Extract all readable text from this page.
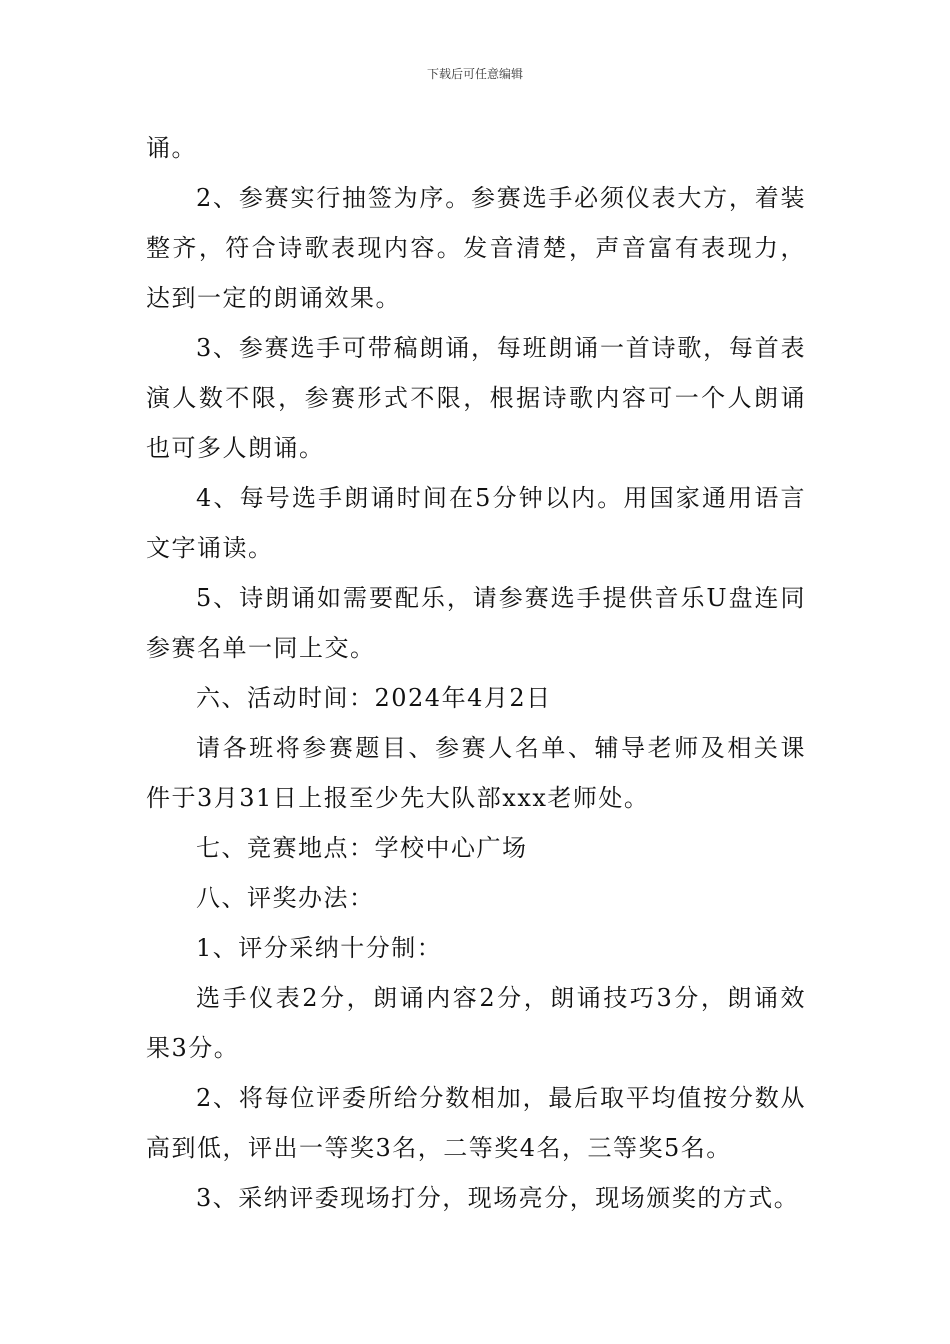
下载后可任意编辑

诵。

2、参赛实行抽签为序。参赛选手必须仪表大方，着装整齐，符合诗歌表现内容。发音清楚，声音富有表现力，达到一定的朗诵效果。

3、参赛选手可带稿朗诵，每班朗诵一首诗歌，每首表演人数不限，参赛形式不限，根据诗歌内容可一个人朗诵也可多人朗诵。

4、每号选手朗诵时间在5分钟以内。用国家通用语言文字诵读。

5、诗朗诵如需要配乐，请参赛选手提供音乐U盘连同参赛名单一同上交。

六、活动时间：2024年4月2日

请各班将参赛题目、参赛人名单、辅导老师及相关课件于3月31日上报至少先大队部xxx老师处。

七、竞赛地点：学校中心广场

八、评奖办法：

1、评分采纳十分制：

选手仪表2分，朗诵内容2分，朗诵技巧3分，朗诵效果3分。

2、将每位评委所给分数相加，最后取平均值按分数从高到低，评出一等奖3名，二等奖4名，三等奖5名。

3、采纳评委现场打分，现场亮分，现场颁奖的方式。
